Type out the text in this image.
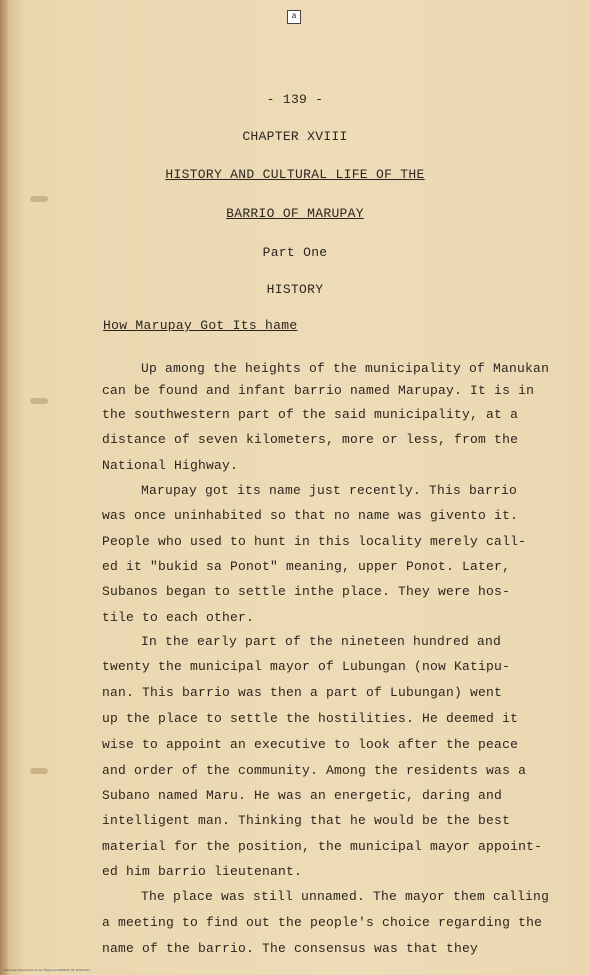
a
- 139 -
CHAPTER XVIII
HISTORY AND CULTURAL LIFE OF THE
BARRIO OF MARUPAY
Part One
HISTORY
How Marupay Got Its hame
Up among the heights of the municipality of Manukan
can be found and infant barrio named Marupay. It is in
the southwestern part of the said municipality, at a
distance of seven kilometers, more or less, from the
National Highway.
Marupay got its name just recently. This barrio
was once uninhabited so that no name was givento it.
People who used to hunt in this locality merely call-
ed it "bukid sa Ponot" meaning, upper Ponot. Later,
Subanos began to settle inthe place. They were hos-
tile to each other.
In the early part of the nineteen hundred and
twenty the municipal mayor of Lubungan (now Katipu-
nan. This barrio was then a part of Lubungan) went
up the place to settle the hostilities. He deemed it
wise to appoint an executive to look after the peace
and order of the community. Among the residents was a
Subano named Maru. He was an energetic, daring and
intelligent man. Thinking that he would be the best
material for the position, the municipal mayor appoint-
ed him barrio lieutenant.
The place was still unnamed. The mayor them calling
a meeting to find out the people's choice regarding the
name of the barrio. The consensus was that they
Historical Data Papers of the Philippines BARRIO OF MARUPAY
